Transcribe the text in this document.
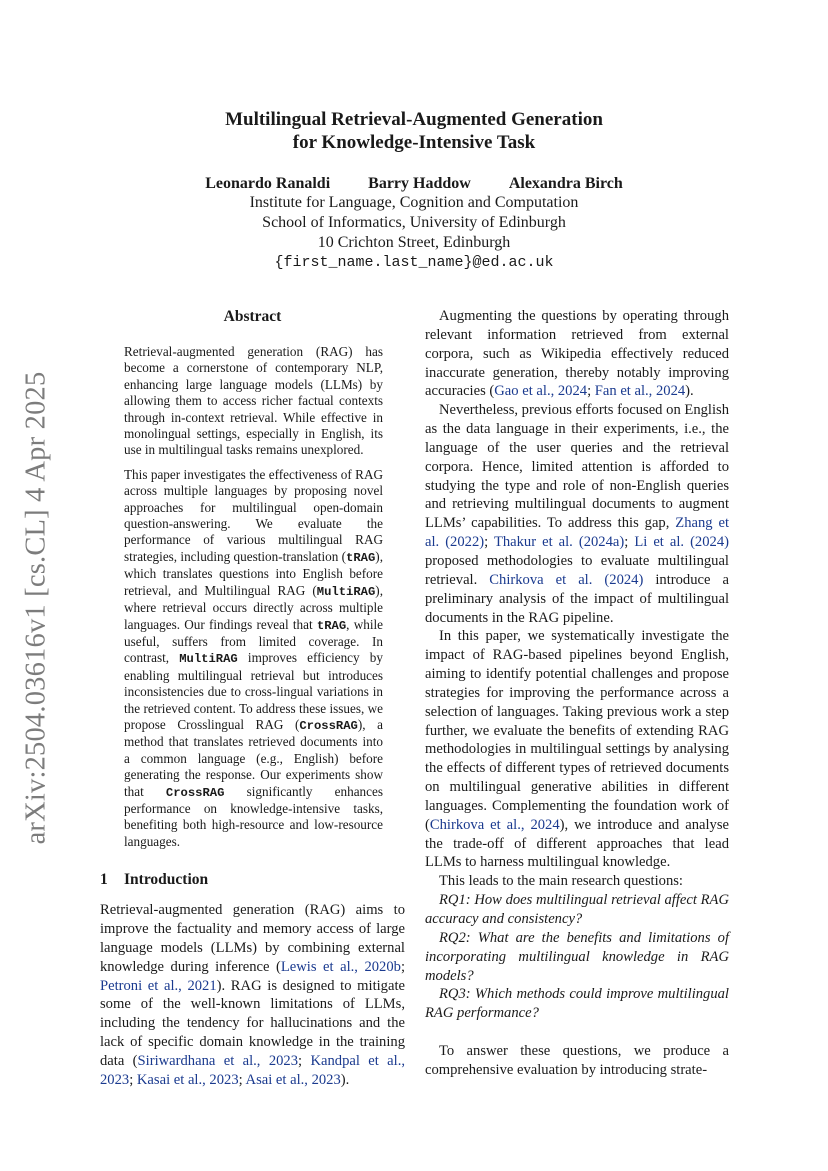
arXiv:2504.03616v1 [cs.CL] 4 Apr 2025
Multilingual Retrieval-Augmented Generation
for Knowledge-Intensive Task
Leonardo Ranaldi Barry Haddow Alexandra Birch
Institute for Language, Cognition and Computation
School of Informatics, University of Edinburgh
10 Crichton Street, Edinburgh
{first_name.last_name}@ed.ac.uk
Abstract

Retrieval-augmented generation (RAG) has become a cornerstone of contemporary NLP, enhancing large language models (LLMs) by allowing them to access richer factual contexts through in-context retrieval. While effective in monolingual settings, especially in English, its use in multilingual tasks remains unexplored.

This paper investigates the effectiveness of RAG across multiple languages by proposing novel approaches for multilingual open-domain question-answering. We evaluate the performance of various multilingual RAG strategies, including question-translation (tRAG), which translates questions into English before retrieval, and Multilingual RAG (MultiRAG), where retrieval occurs directly across multiple languages. Our findings reveal that tRAG, while useful, suffers from limited coverage. In contrast, MultiRAG improves efficiency by enabling multilingual retrieval but introduces inconsistencies due to cross-lingual variations in the retrieved content. To address these issues, we propose Crosslingual RAG (CrossRAG), a method that translates retrieved documents into a common language (e.g., English) before generating the response. Our experiments show that CrossRAG significantly enhances performance on knowledge-intensive tasks, benefiting both high-resource and low-resource languages.

1 Introduction

Retrieval-augmented generation (RAG) aims to improve the factuality and memory access of large language models (LLMs) by combining external knowledge during inference (Lewis et al., 2020b; Petroni et al., 2021). RAG is designed to mitigate some of the well-known limitations of LLMs, including the tendency for hallucinations and the lack of specific domain knowledge in the training data (Siriwardhana et al., 2023; Kandpal et al., 2023; Kasai et al., 2023; Asai et al., 2023).

Augmenting the questions by operating through relevant information retrieved from external corpora, such as Wikipedia effectively reduced inaccurate generation, thereby notably improving accuracies (Gao et al., 2024; Fan et al., 2024).

Nevertheless, previous efforts focused on English as the data language in their experiments, i.e., the language of the user queries and the retrieval corpora. Hence, limited attention is afforded to studying the type and role of non-English queries and retrieving multilingual documents to augment LLMs’ capabilities. To address this gap, Zhang et al. (2022); Thakur et al. (2024a); Li et al. (2024) proposed methodologies to evaluate multilingual retrieval. Chirkova et al. (2024) introduce a preliminary analysis of the impact of multilingual documents in the RAG pipeline.

In this paper, we systematically investigate the impact of RAG-based pipelines beyond English, aiming to identify potential challenges and propose strategies for improving the performance across a selection of languages. Taking previous work a step further, we evaluate the benefits of extending RAG methodologies in multilingual settings by analysing the effects of different types of retrieved documents on multilingual generative abilities in different languages. Complementing the foundation work of (Chirkova et al., 2024), we introduce and analyse the trade-off of different approaches that lead LLMs to harness multilingual knowledge.

This leads to the main research questions:

RQ1: How does multilingual retrieval affect RAG accuracy and consistency?

RQ2: What are the benefits and limitations of incorporating multilingual knowledge in RAG models?

RQ3: Which methods could improve multilingual RAG performance?

To answer these questions, we produce a comprehensive evaluation by introducing strate-
